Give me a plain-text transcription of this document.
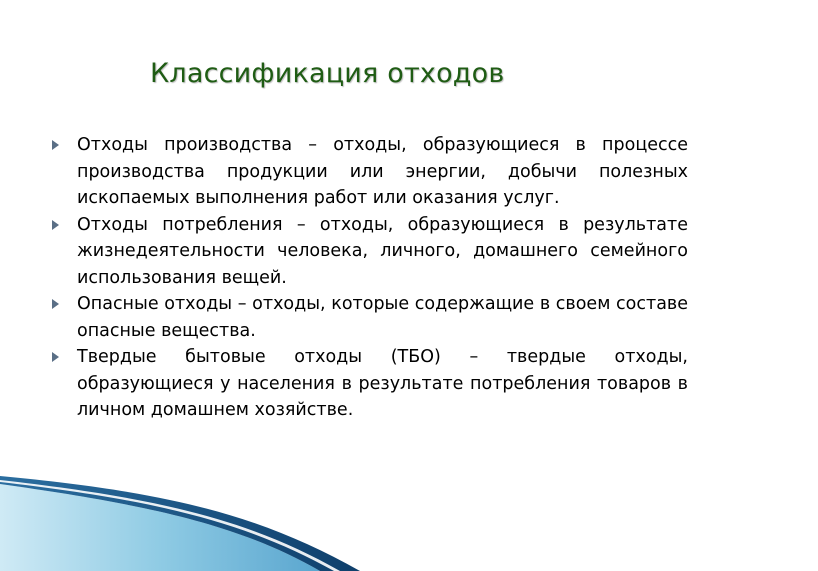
Классификация отходов
Отходы производства – отходы, образующиеся в процессе производства продукции или энергии, добычи полезных ископаемых выполнения работ или оказания услуг.
Отходы потребления – отходы, образующиеся в результате жизнедеятельности человека, личного, домашнего семейного использования вещей.
Опасные отходы – отходы, которые содержащие в своем составе опасные вещества.
Твердые бытовые отходы (ТБО) – твердые отходы, образующиеся у населения в результате потребления товаров в личном домашнем хозяйстве.
